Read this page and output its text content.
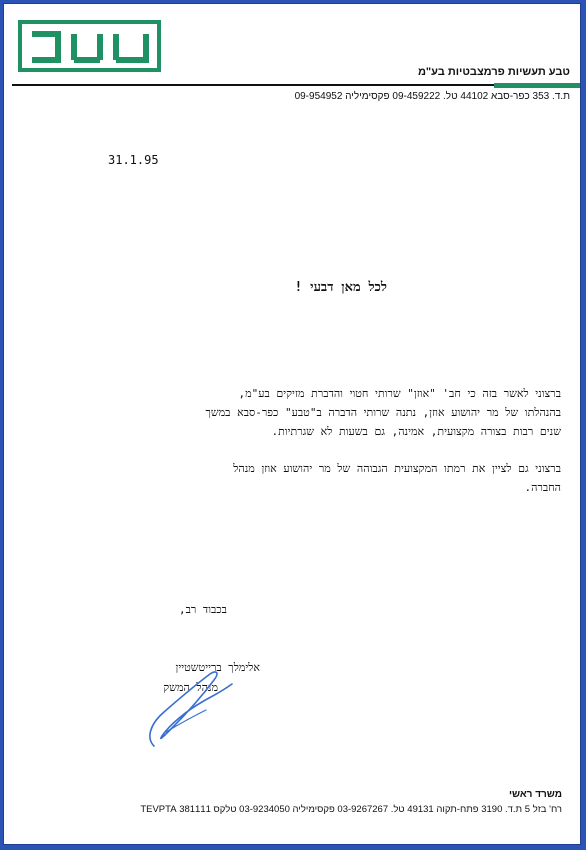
טבע תעשיות פרמצבטיות בע"מ
ת.ד. 353 כפר-סבא 44102 טל. 09-459222 פקסימיליה 09-954952
31.1.95
לכל מאן דבעי !
ברצוני לאשר בזה כי חב' "אוזן" שרותי חטוי והדברת מזיקים בע"מ,
בהנהלתו של מר יהושוע אוזן, נתנה שרותי הדברה ב"טבע" כפר-סבא במשך
שנים רבות בצורה מקצועית, אמינה, גם בשעות לא שגרתיות.
ברצוני גם לציין את רמתו המקצועית הגבוהה של מר יהושוע אוזן מנהל
החברה.
בכבוד רב,
אלימלך ברייטשטיין
מנהל המשק
משרד ראשי
רח' בזל 5 ת.ד. 3190 פתח-תקוה 49131 טל. 03-9267267 פקסימיליה 03-9234050 טלקס 381111 TEVPTA
